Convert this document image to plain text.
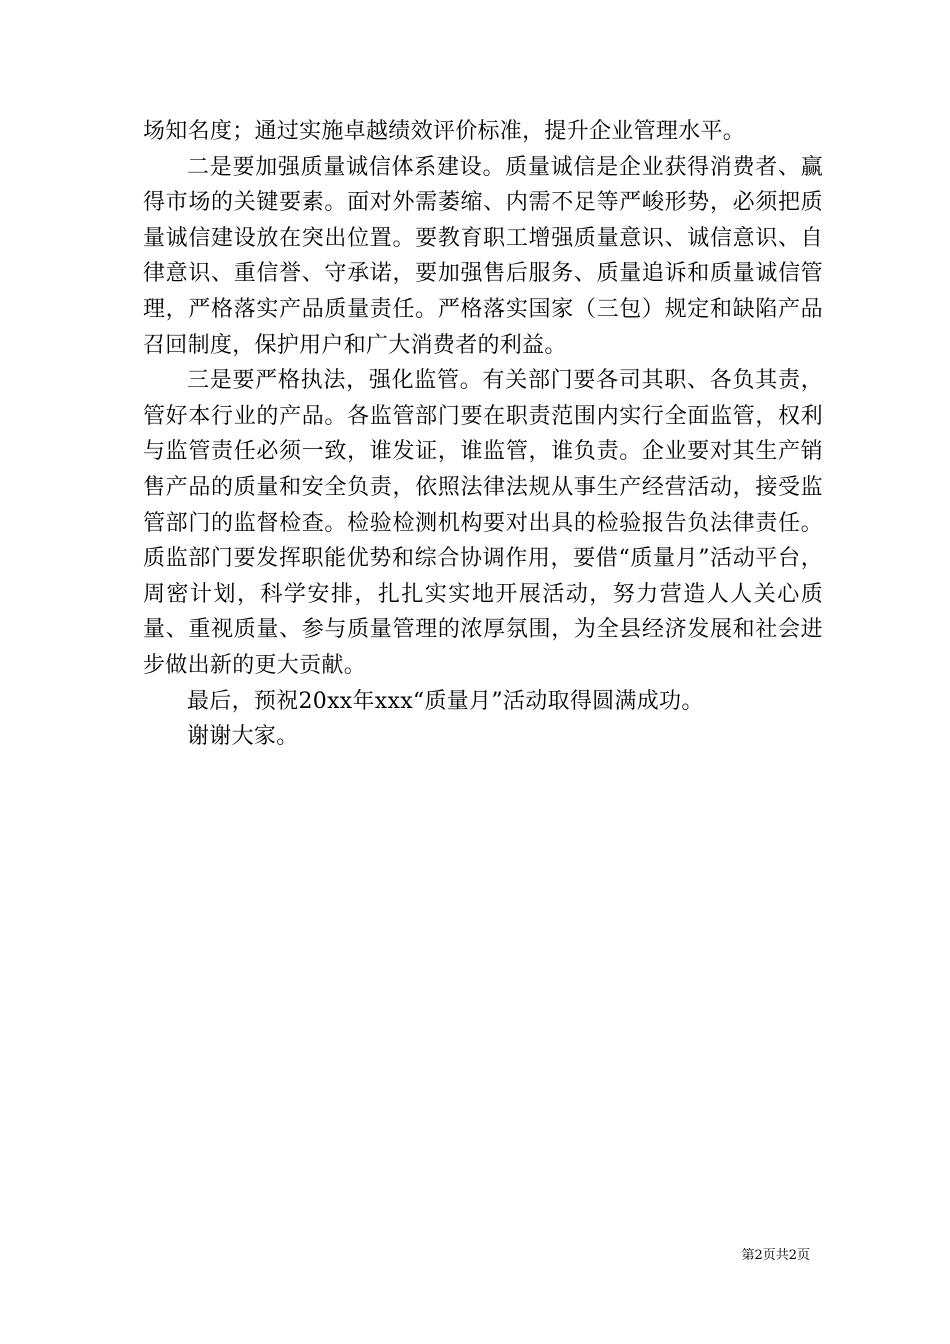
场知名度；通过实施卓越绩效评价标准，提升企业管理水平。

二是要加强质量诚信体系建设。质量诚信是企业获得消费者、赢得市场的关键要素。面对外需萎缩、内需不足等严峻形势，必须把质量诚信建设放在突出位置。要教育职工增强质量意识、诚信意识、自律意识、重信誉、守承诺，要加强售后服务、质量追诉和质量诚信管理，严格落实产品质量责任。严格落实国家（三包）规定和缺陷产品召回制度，保护用户和广大消费者的利益。

三是要严格执法，强化监管。有关部门要各司其职、各负其责，管好本行业的产品。各监管部门要在职责范围内实行全面监管，权利与监管责任必须一致，谁发证，谁监管，谁负责。企业要对其生产销售产品的质量和安全负责，依照法律法规从事生产经营活动，接受监管部门的监督检查。检验检测机构要对出具的检验报告负法律责任。质监部门要发挥职能优势和综合协调作用，要借“质量月”活动平台，周密计划，科学安排，扎扎实实地开展活动，努力营造人人关心质量、重视质量、参与质量管理的浓厚氛围，为全县经济发展和社会进步做出新的更大贡献。

最后，预祝20xx年xxx“质量月”活动取得圆满成功。

谢谢大家。

第2页共2页
